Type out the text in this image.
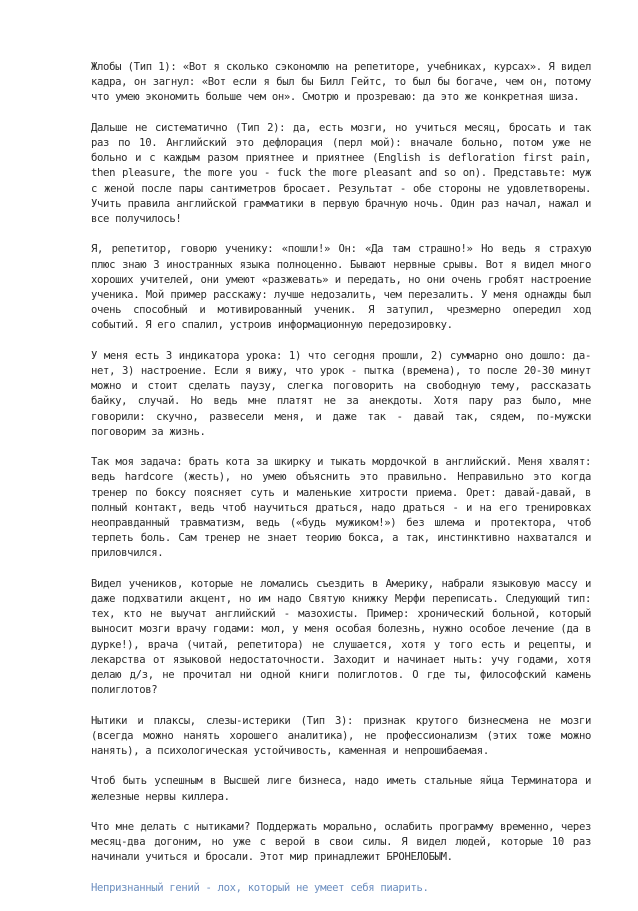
Жлобы (Тип 1): «Вот я сколько сэкономлю на репетиторе, учебниках, курсах». Я видел кадра, он загнул: «Вот если я был бы Билл Гейтс, то был бы богаче, чем он, потому что умею экономить больше чем он». Смотрю и прозреваю: да это же конкретная шиза.

Дальше не систематично (Тип 2): да, есть мозги, но учиться месяц, бросать и так раз по 10. Английский это дефлорация (перл мой): вначале больно, потом уже не больно и с каждым разом приятнее и приятнее (English is defloration first pain, then pleasure, the more you - fuck the more pleasant and so on). Представьте: муж с женой после пары сантиметров бросает. Результат - обе стороны не удовлетворены. Учить правила английской грамматики в первую брачную ночь. Один раз начал, нажал и все получилось!

Я, репетитор, говорю ученику: «пошли!» Он: «Да там страшно!» Но ведь я страхую плюс знаю 3 иностранных языка полноценно. Бывают нервные срывы. Вот я видел много хороших учителей, они умеют «разжевать» и передать, но они очень гробят настроение ученика. Мой пример расскажу: лучше недозалить, чем перезалить. У меня однажды был очень способный и мотивированный ученик. Я затупил, чрезмерно опередил ход событий. Я его спалил, устроив информационную передозировку.

У меня есть 3 индикатора урока: 1) что сегодня прошли, 2) суммарно оно дошло: да-нет, 3) настроение. Если я вижу, что урок - пытка (времена), то после 20-30 минут можно и стоит сделать паузу, слегка поговорить на свободную тему, рассказать байку, случай. Но ведь мне платят не за анекдоты. Хотя пару раз было, мне говорили: скучно, развесели меня, и даже так - давай так, сядем, по-мужски поговорим за жизнь.

Так моя задача: брать кота за шкирку и тыкать мордочкой в английский. Меня хвалят: ведь hardcore (жесть), но умею объяснить это правильно. Неправильно это когда тренер по боксу поясняет суть и маленькие хитрости приема. Орет: давай-давай, в полный контакт, ведь чтоб научиться драться, надо драться - и на его тренировках неоправданный травматизм, ведь («будь мужиком!») без шлема и протектора, чтоб терпеть боль. Сам тренер не знает теорию бокса, а так, инстинктивно нахватался и приловчился.

Видел учеников, которые не ломались съездить в Америку, набрали языковую массу и даже подхватили акцент, но им надо Святую книжку Мерфи переписать. Следующий тип: тех, кто не выучат английский - мазохисты. Пример: хронический больной, который выносит мозги врачу годами: мол, у меня особая болезнь, нужно особое лечение (да в дурке!), врача (читай, репетитора) не слушается, хотя у того есть и рецепты, и лекарства от языковой недостаточности. Заходит и начинает ныть: учу годами, хотя делаю д/з, не прочитал ни одной книги полиглотов. О где ты, философский камень полиглотов?

Нытики и плаксы, слезы-истерики (Тип 3): признак крутого бизнесмена не мозги (всегда можно нанять хорошего аналитика), не профессионализм (этих тоже можно нанять), а психологическая устойчивость, каменная и непрошибаемая.

Чтоб быть успешным в Высшей лиге бизнеса, надо иметь стальные яйца Терминатора и железные нервы киллера.

Что мне делать с нытиками? Поддержать морально, ослабить программу временно, через месяц-два догоним, но уже с верой в свои силы. Я видел людей, которые 10 раз начинали учиться и бросали. Этот мир принадлежит БРОНЕЛОБЫМ.

Непризнанный гений - лох, который не умеет себя пиарить.
